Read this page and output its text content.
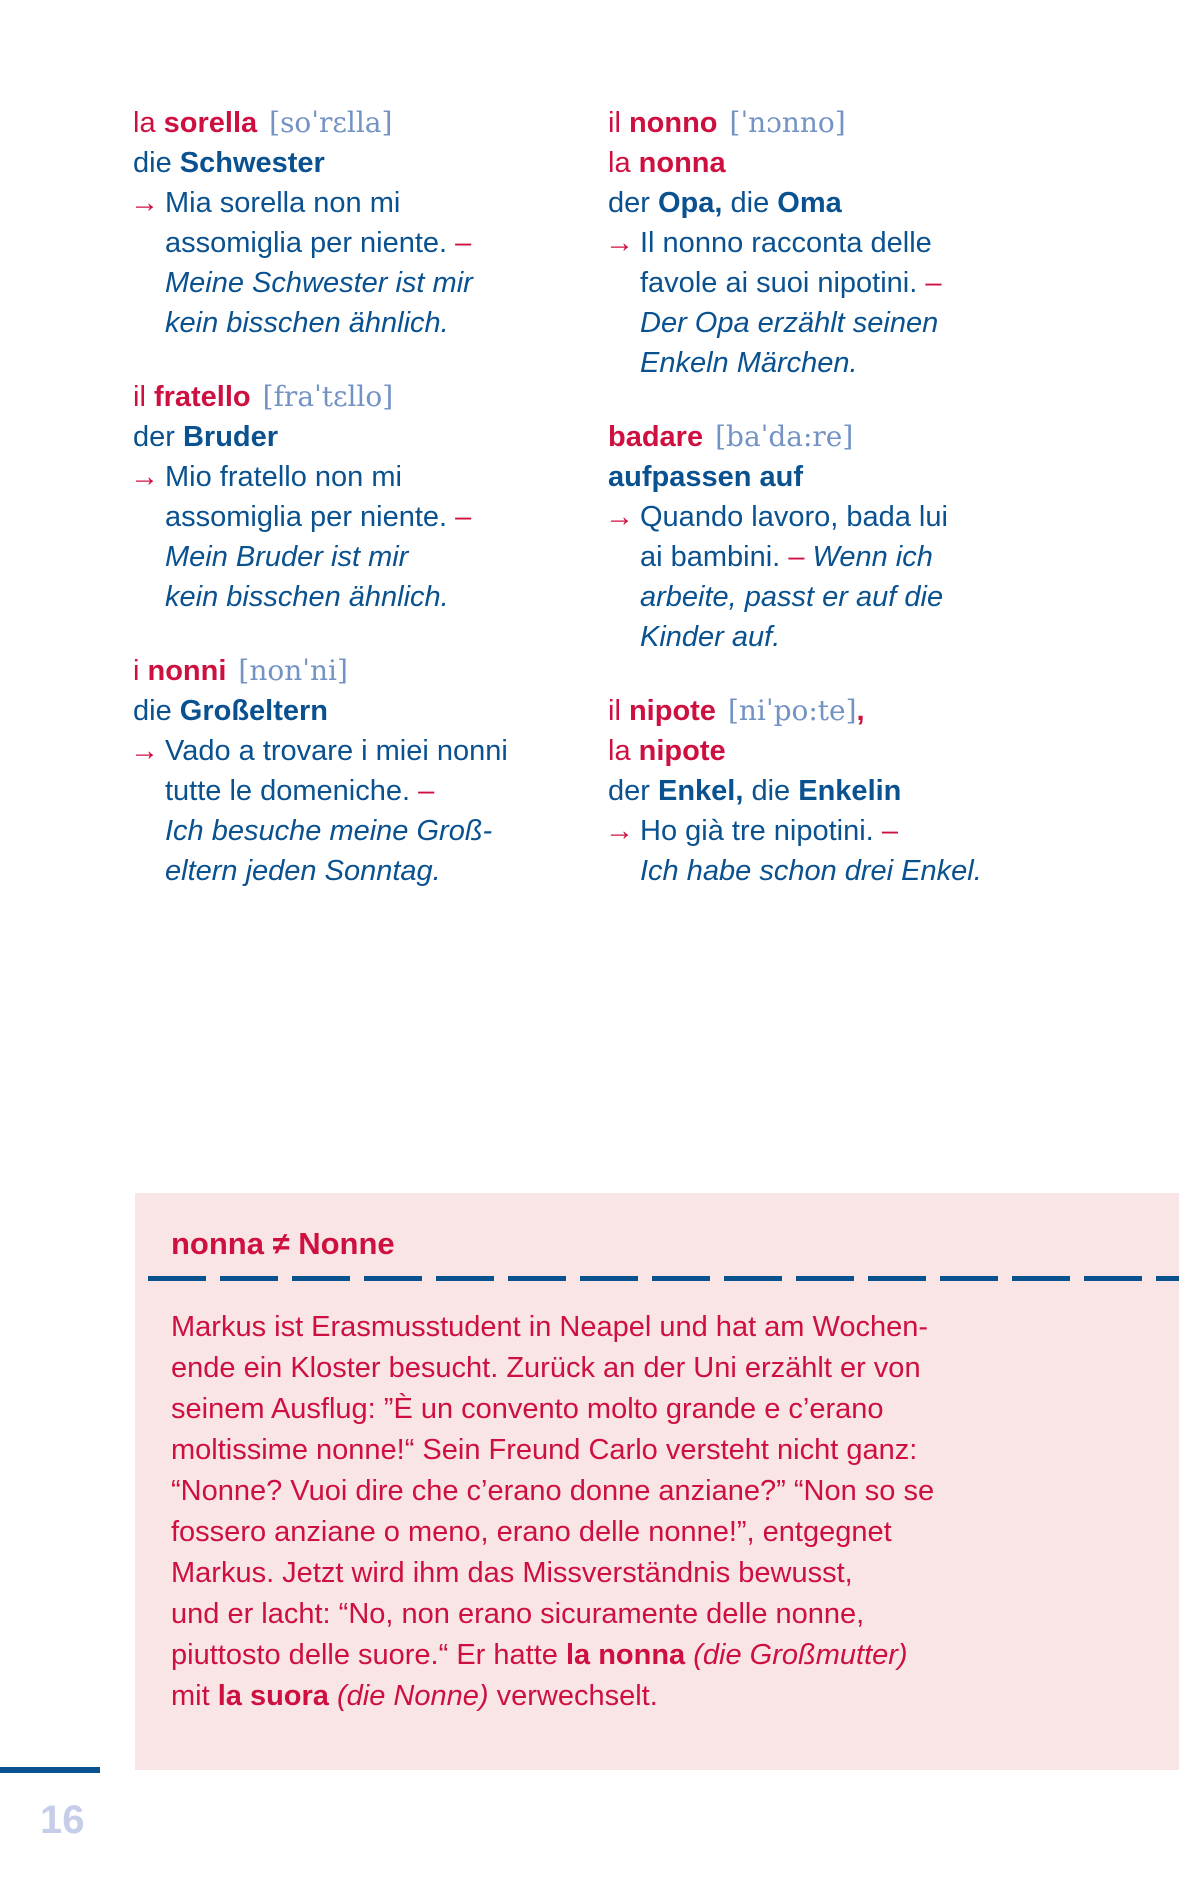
la sorella [soˈrɛlla]
die Schwester
→ Mia sorella non mi
assomiglia per niente. –
Meine Schwester ist mir
kein bisschen ähnlich.
il fratello [fraˈtɛllo]
der Bruder
→ Mio fratello non mi
assomiglia per niente. –
Mein Bruder ist mir
kein bisschen ähnlich.
i nonni [nonˈni]
die Großeltern
→ Vado a trovare i miei nonni
tutte le domeniche. –
Ich besuche meine Groß-
eltern jeden Sonntag.
il nonno [ˈnɔnno]
la nonna
der Opa, die Oma
→ Il nonno racconta delle
favole ai suoi nipotini. –
Der Opa erzählt seinen
Enkeln Märchen.
badare [baˈda:re]
aufpassen auf
→ Quando lavoro, bada lui
ai bambini. – Wenn ich
arbeite, passt er auf die
Kinder auf.
il nipote [niˈpo:te],
la nipote
der Enkel, die Enkelin
→ Ho già tre nipotini. –
Ich habe schon drei Enkel.
nonna ≠ Nonne
Markus ist Erasmusstudent in Neapel und hat am Wochen-
ende ein Kloster besucht. Zurück an der Uni erzählt er von
seinem Ausflug: ”È un convento molto grande e c’erano
moltissime nonne!“ Sein Freund Carlo versteht nicht ganz:
“Nonne? Vuoi dire che c’erano donne anziane?” “Non so se
fossero anziane o meno, erano delle nonne!”, entgegnet
Markus. Jetzt wird ihm das Missverständnis bewusst,
und er lacht: “No, non erano sicuramente delle nonne,
piuttosto delle suore.“ Er hatte la nonna (die Großmutter)
mit la suora (die Nonne) verwechselt.
16
